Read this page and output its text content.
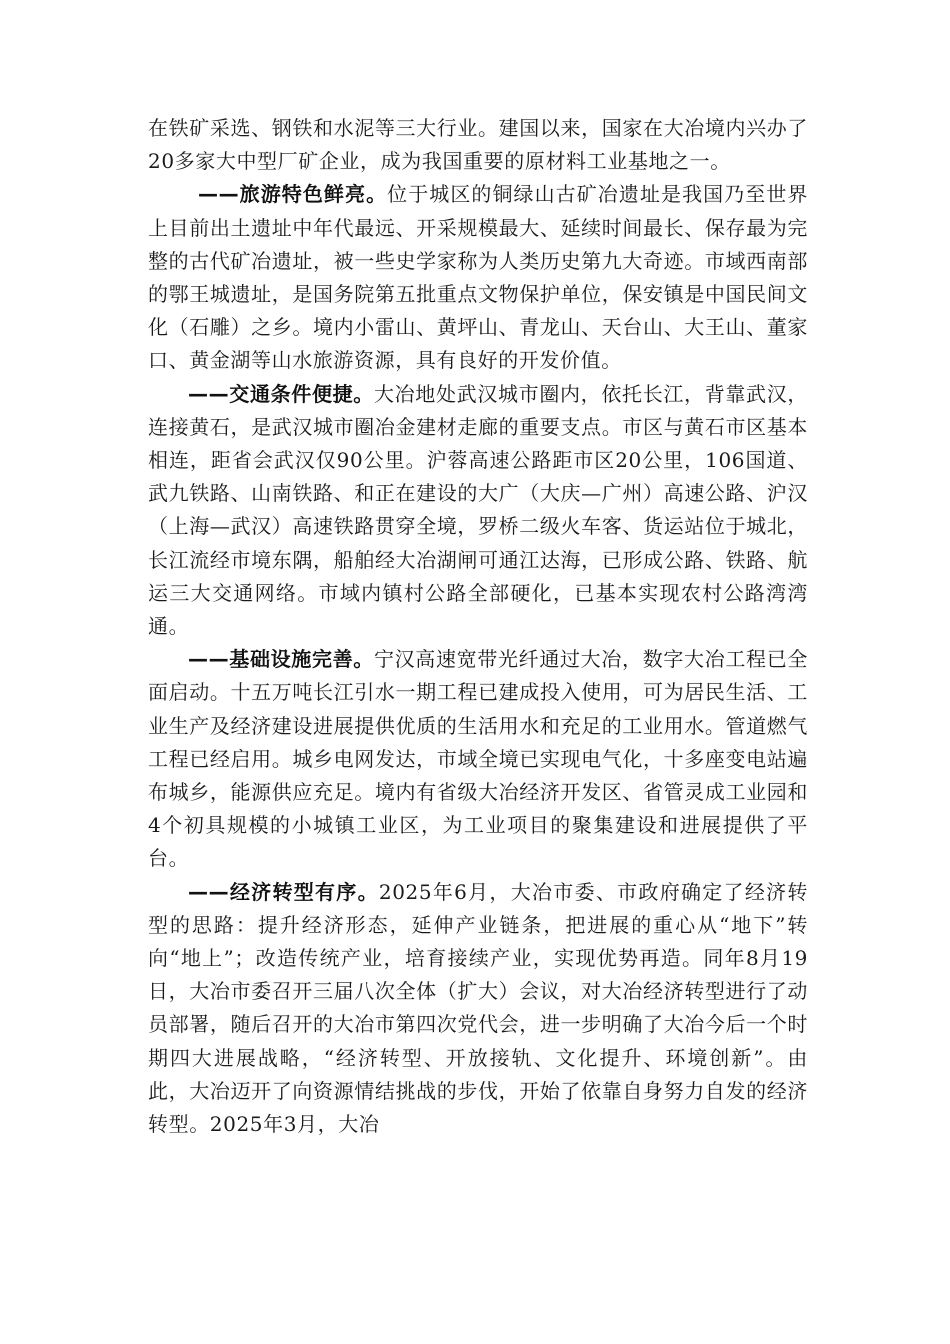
在铁矿采选、钢铁和水泥等三大行业。建国以来，国家在大冶境内兴办了20多家大中型厂矿企业，成为我国重要的原材料工业基地之一。

——旅游特色鲜亮。位于城区的铜绿山古矿冶遗址是我国乃至世界上目前出土遗址中年代最远、开采规模最大、延续时间最长、保存最为完整的古代矿冶遗址，被一些史学家称为人类历史第九大奇迹。市域西南部的鄂王城遗址，是国务院第五批重点文物保护单位，保安镇是中国民间文化（石雕）之乡。境内小雷山、黄坪山、青龙山、天台山、大王山、董家口、黄金湖等山水旅游资源，具有良好的开发价值。

——交通条件便捷。大冶地处武汉城市圈内，依托长江，背靠武汉，连接黄石，是武汉城市圈冶金建材走廊的重要支点。市区与黄石市区基本相连，距省会武汉仅90公里。沪蓉高速公路距市区20公里，106国道、武九铁路、山南铁路、和正在建设的大广（大庆—广州）高速公路、沪汉（上海—武汉）高速铁路贯穿全境，罗桥二级火车客、货运站位于城北，长江流经市境东隅，船舶经大冶湖闸可通江达海，已形成公路、铁路、航运三大交通网络。市域内镇村公路全部硬化，已基本实现农村公路湾湾通。

——基础设施完善。宁汉高速宽带光纤通过大冶，数字大冶工程已全面启动。十五万吨长江引水一期工程已建成投入使用，可为居民生活、工业生产及经济建设进展提供优质的生活用水和充足的工业用水。管道燃气工程已经启用。城乡电网发达，市域全境已实现电气化，十多座变电站遍布城乡，能源供应充足。境内有省级大冶经济开发区、省管灵成工业园和4个初具规模的小城镇工业区，为工业项目的聚集建设和进展提供了平台。

——经济转型有序。2025年6月，大冶市委、市政府确定了经济转型的思路：提升经济形态，延伸产业链条，把进展的重心从“地下”转向“地上”；改造传统产业，培育接续产业，实现优势再造。同年8月19日，大冶市委召开三届八次全体（扩大）会议，对大冶经济转型进行了动员部署，随后召开的大冶市第四次党代会，进一步明确了大冶今后一个时期四大进展战略，“经济转型、开放接轨、文化提升、环境创新”。由此，大冶迈开了向资源情结挑战的步伐，开始了依靠自身努力自发的经济转型。2025年3月，大冶
